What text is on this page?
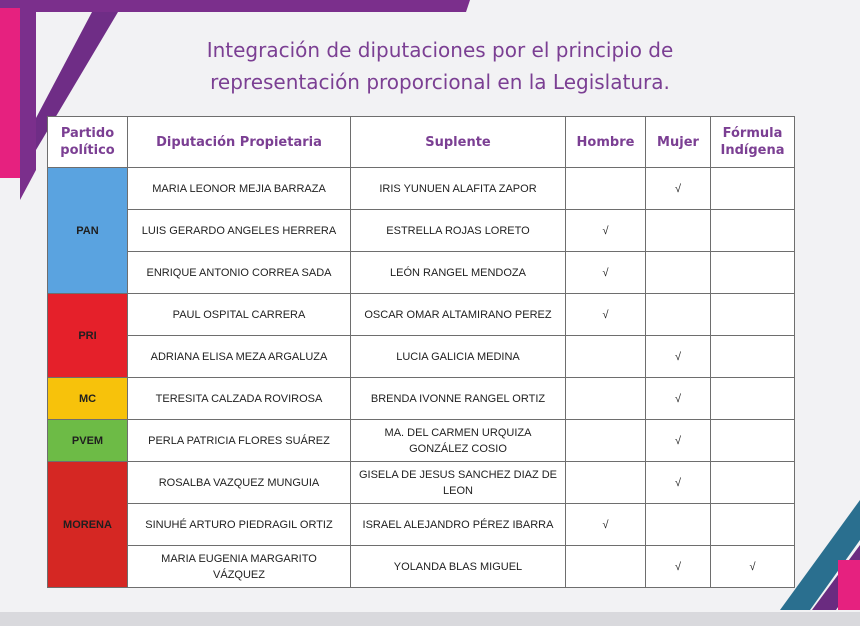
Integración de diputaciones por el principio de
representación proporcional en la Legislatura.
Partido político	Diputación Propietaria	Suplente	Hombre	Mujer	Fórmula Indígena
PAN	MARIA LEONOR MEJIA BARRAZA	IRIS YUNUEN ALAFITA ZAPOR		√	
	LUIS GERARDO ANGELES HERRERA	ESTRELLA ROJAS LORETO	√		
	ENRIQUE ANTONIO CORREA SADA	LEÓN RANGEL MENDOZA	√		
PRI	PAUL OSPITAL CARRERA	OSCAR OMAR ALTAMIRANO PEREZ	√		
	ADRIANA ELISA MEZA ARGALUZA	LUCIA GALICIA MEDINA		√	
MC	TERESITA CALZADA ROVIROSA	BRENDA IVONNE RANGEL ORTIZ		√	
PVEM	PERLA PATRICIA FLORES SUÁREZ	MA. DEL CARMEN URQUIZA GONZÁLEZ COSIO		√	
MORENA	ROSALBA VAZQUEZ MUNGUIA	GISELA DE JESUS SANCHEZ DIAZ DE LEON		√	
	SINUHÉ ARTURO PIEDRAGIL ORTIZ	ISRAEL ALEJANDRO PÉREZ IBARRA	√		
	MARIA EUGENIA MARGARITO VÁZQUEZ	YOLANDA BLAS MIGUEL		√	√
